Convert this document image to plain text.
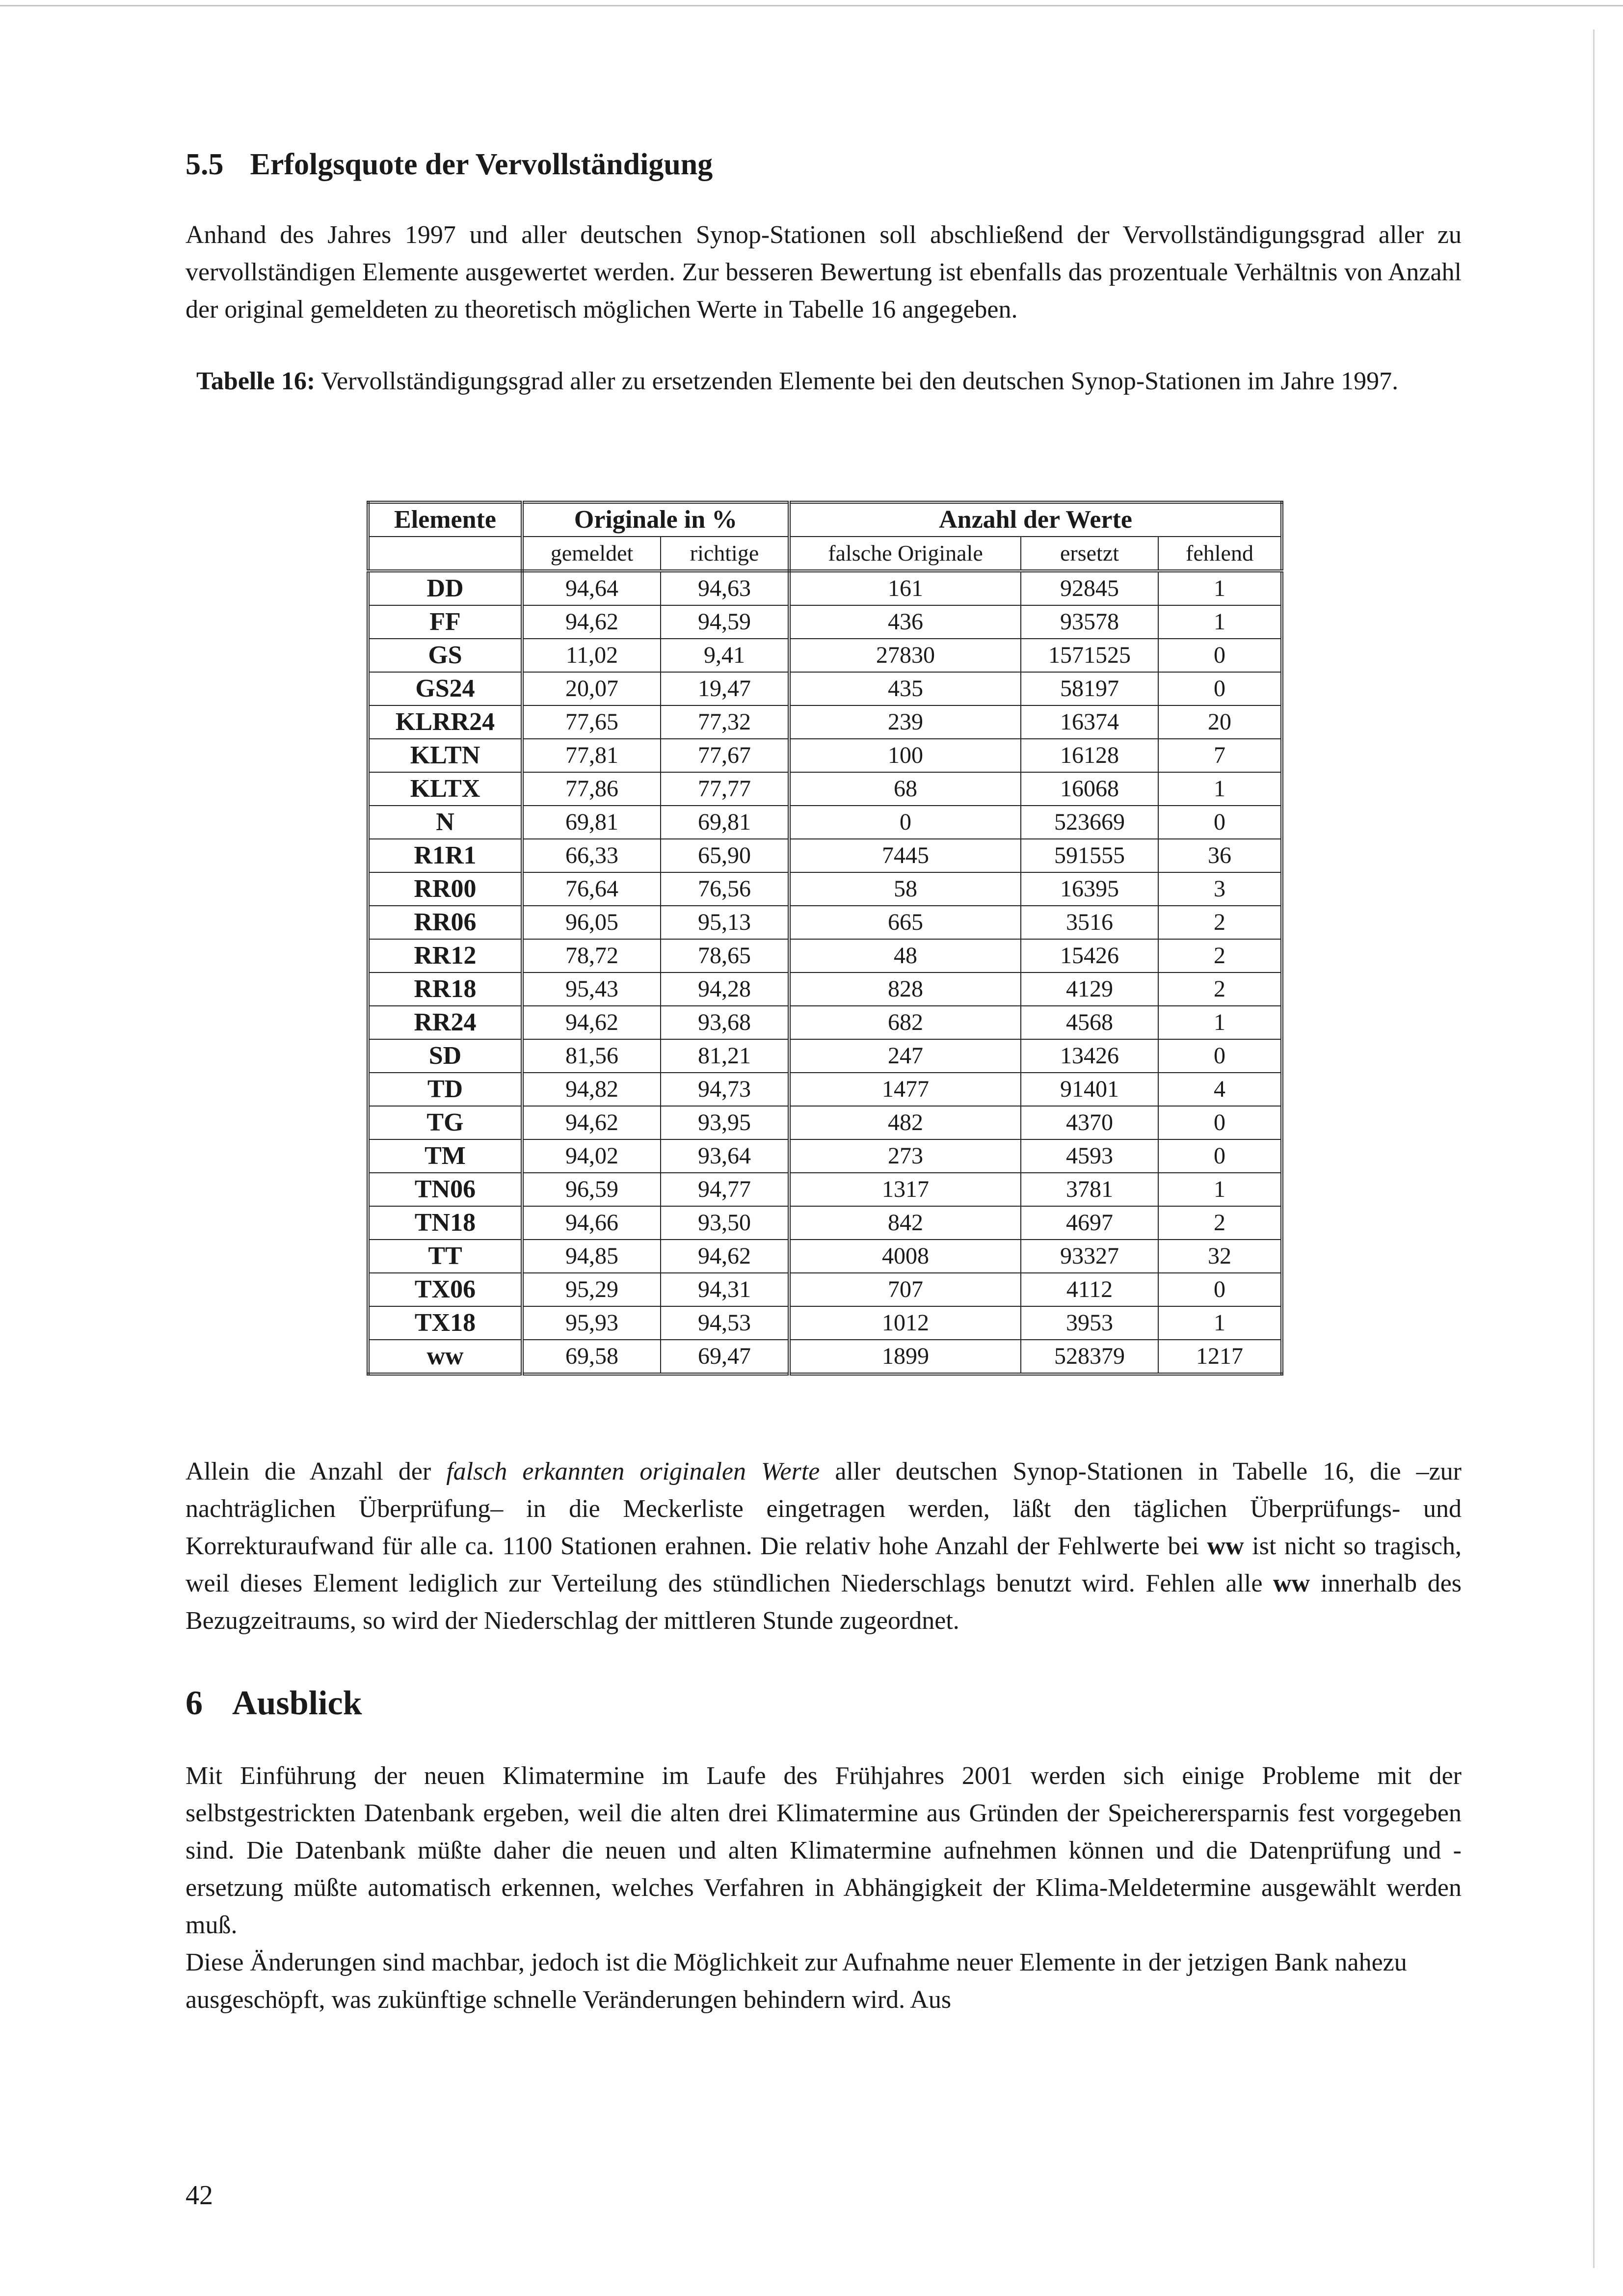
5.5 Erfolgsquote der Vervollständigung

Anhand des Jahres 1997 und aller deutschen Synop-Stationen soll abschließend der Vervollständigungsgrad aller zu vervollständigen Elemente ausgewertet werden. Zur besseren Bewertung ist ebenfalls das prozentuale Verhältnis von Anzahl der original gemeldeten zu theoretisch möglichen Werte in Tabelle 16 angegeben.

Tabelle 16: Vervollständigungsgrad aller zu ersetzenden Elemente bei den deutschen Synop-Stationen im Jahre 1997.

Elemente	Originale in %		Anzahl der Werte		
	gemeldet	richtige	falsche Originale	ersetzt	fehlend
DD	94,64	94,63	161	92845	1
FF	94,62	94,59	436	93578	1
GS	11,02	9,41	27830	1571525	0
GS24	20,07	19,47	435	58197	0
KLRR24	77,65	77,32	239	16374	20
KLTN	77,81	77,67	100	16128	7
KLTX	77,86	77,77	68	16068	1
N	69,81	69,81	0	523669	0
R1R1	66,33	65,90	7445	591555	36
RR00	76,64	76,56	58	16395	3
RR06	96,05	95,13	665	3516	2
RR12	78,72	78,65	48	15426	2
RR18	95,43	94,28	828	4129	2
RR24	94,62	93,68	682	4568	1
SD	81,56	81,21	247	13426	0
TD	94,82	94,73	1477	91401	4
TG	94,62	93,95	482	4370	0
TM	94,02	93,64	273	4593	0
TN06	96,59	94,77	1317	3781	1
TN18	94,66	93,50	842	4697	2
TT	94,85	94,62	4008	93327	32
TX06	95,29	94,31	707	4112	0
TX18	95,93	94,53	1012	3953	1
ww	69,58	69,47	1899	528379	1217

Allein die Anzahl der falsch erkannten originalen Werte aller deutschen Synop-Stationen in Tabelle 16, die –zur nachträglichen Überprüfung– in die Meckerliste eingetragen werden, läßt den täglichen Überprüfungs- und Korrekturaufwand für alle ca. 1100 Stationen erahnen. Die relativ hohe Anzahl der Fehlwerte bei ww ist nicht so tragisch, weil dieses Element lediglich zur Verteilung des stündlichen Niederschlags benutzt wird. Fehlen alle ww innerhalb des Bezugzeitraums, so wird der Niederschlag der mittleren Stunde zugeordnet.

6 Ausblick

Mit Einführung der neuen Klimatermine im Laufe des Frühjahres 2001 werden sich einige Probleme mit der selbstgestrickten Datenbank ergeben, weil die alten drei Klimatermine aus Gründen der Speicherersparnis fest vorgegeben sind. Die Datenbank müßte daher die neuen und alten Klimatermine aufnehmen können und die Datenprüfung und -ersetzung müßte automatisch erkennen, welches Verfahren in Abhängigkeit der Klima-Meldetermine ausgewählt werden muß.

Diese Änderungen sind machbar, jedoch ist die Möglichkeit zur Aufnahme neuer Elemente in der jetzigen Bank nahezu ausgeschöpft, was zukünftige schnelle Veränderungen behindern wird. Aus

42
